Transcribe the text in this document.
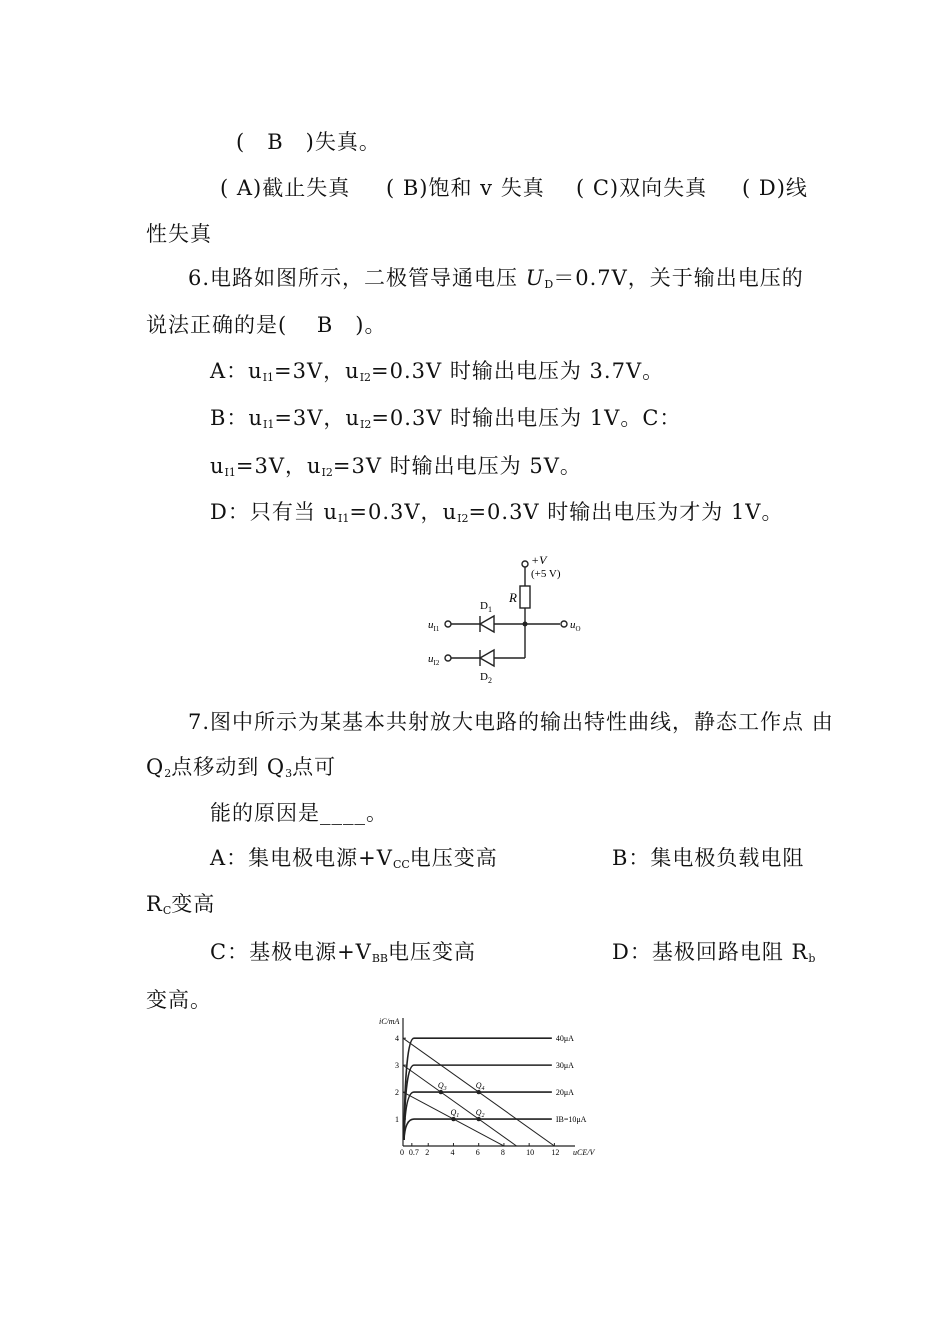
(　B　)失真。
( A)截止失真 ( B)饱和 v 失真 ( C)双向失真 ( D)线
性失真
6.电路如图所示，二极管导通电压 $U_D=0.7V$，关于输出电压的
说法正确的是(　 B　)。
A：$u_{I1}=3V$，$u_{I2}=0.3V$ 时输出电压为 3.7V。
B：$u_{I1}=3V$，$u_{I2}=0.3V$ 时输出电压为 1V。C：
$u_{I1}=3V$，$u_{I2}=3V$ 时输出电压为 5V。
D：只有当 $u_{I1}=0.3V$，$u_{I2}=0.3V$ 时输出电压为才为 1V。
+V
(+5 V)
R
$D_1$
$D_2$
$u_{I1}$
$u_{I2}$
$u_O$
7.图中所示为某基本共射放大电路的输出特性曲线，静态工作点 由
$Q_2$点移动到 $Q_3$点可
能的原因是____。
A：集电极电源$+V_{CC}$电压变高	B：集电极负载电阻
$R_C$变高
C：基极电源$+V_{BB}$电压变高	D：基极回路电阻 $R_b$
变高。
iC/mA
uCE/V
0 0.7 2	4	6	8	10 12
1
2
3
4
IB=10μA
20μA
30μA
40μA
$Q_1$ $Q_2$
$Q_3$	$Q_4$
